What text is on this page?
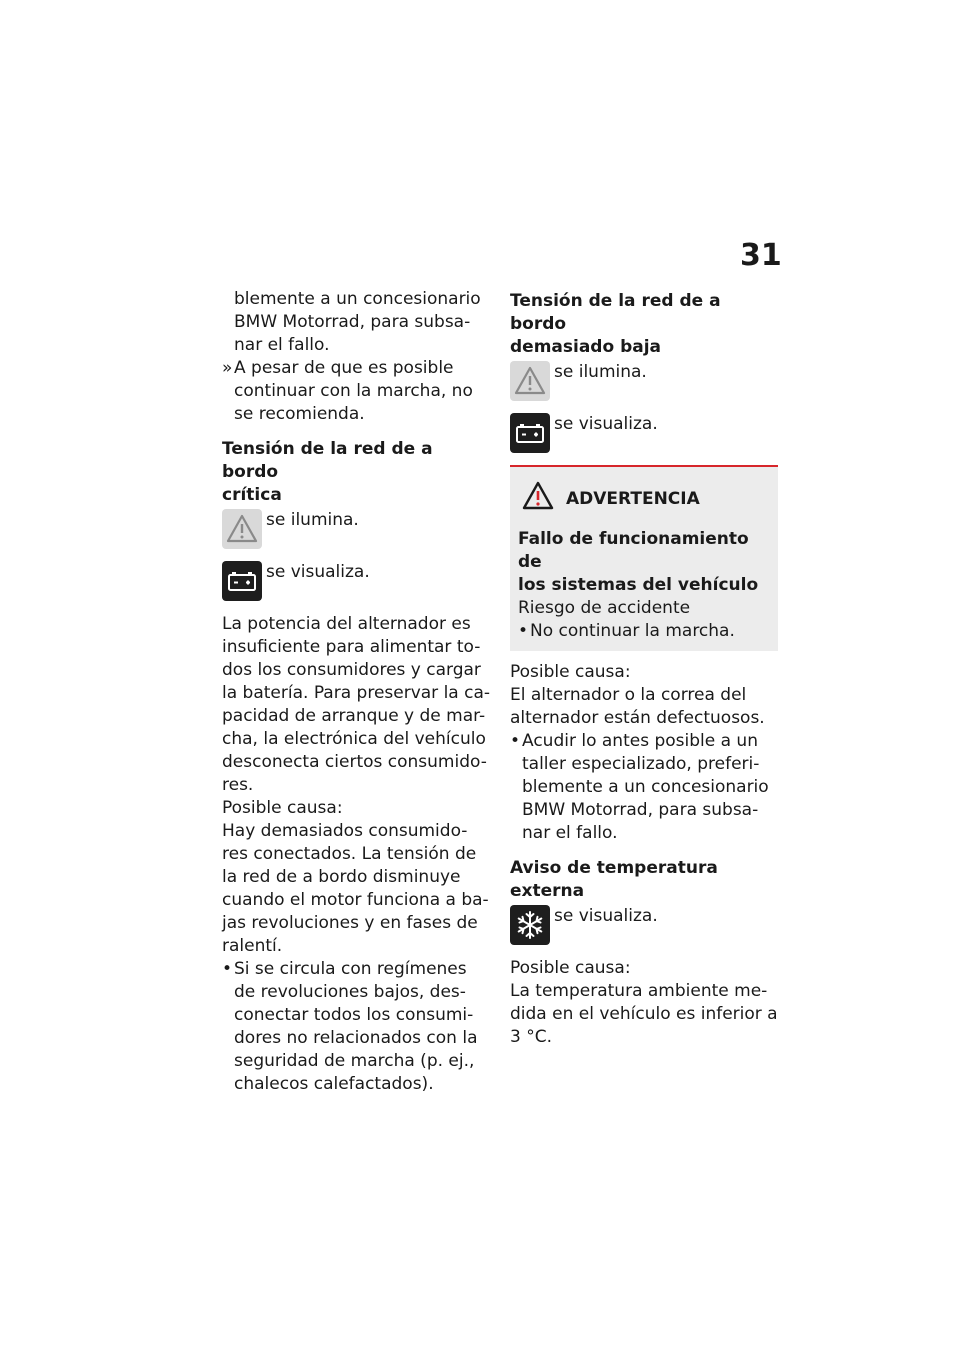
31

blemente a un concesionario

BMW Motorrad, para subsa-

nar el fallo.

» A pesar de que es posible

continuar con la marcha, no

se recomienda.

Tensión de la red de a bordo

crítica

se ilumina.
se visualiza.

La potencia del alternador es

insuficiente para alimentar to-

dos los consumidores y cargar

la batería. Para preservar la ca-

pacidad de arranque y de mar-

cha, la electrónica del vehículo

desconecta ciertos consumido-

res.

Posible causa:

Hay demasiados consumido-

res conectados. La tensión de

la red de a bordo disminuye

cuando el motor funciona a ba-

jas revoluciones y en fases de

ralentí.

• Si se circula con regímenes

de revoluciones bajos, des-

conectar todos los consumi-

dores no relacionados con la

seguridad de marcha (p. ej.,

chalecos calefactados).

Tensión de la red de a bordo

demasiado baja

se ilumina.
se visualiza.
ADVERTENCIA

Fallo de funcionamiento de

los sistemas del vehículo

Riesgo de accidente

• No continuar la marcha.

Posible causa:

El alternador o la correa del

alternador están defectuosos.

• Acudir lo antes posible a un

taller especializado, preferi-

blemente a un concesionario

BMW Motorrad, para subsa-

nar el fallo.

Aviso de temperatura externa

se visualiza.

Posible causa:

La temperatura ambiente me-

dida en el vehículo es inferior a

3 °C.
